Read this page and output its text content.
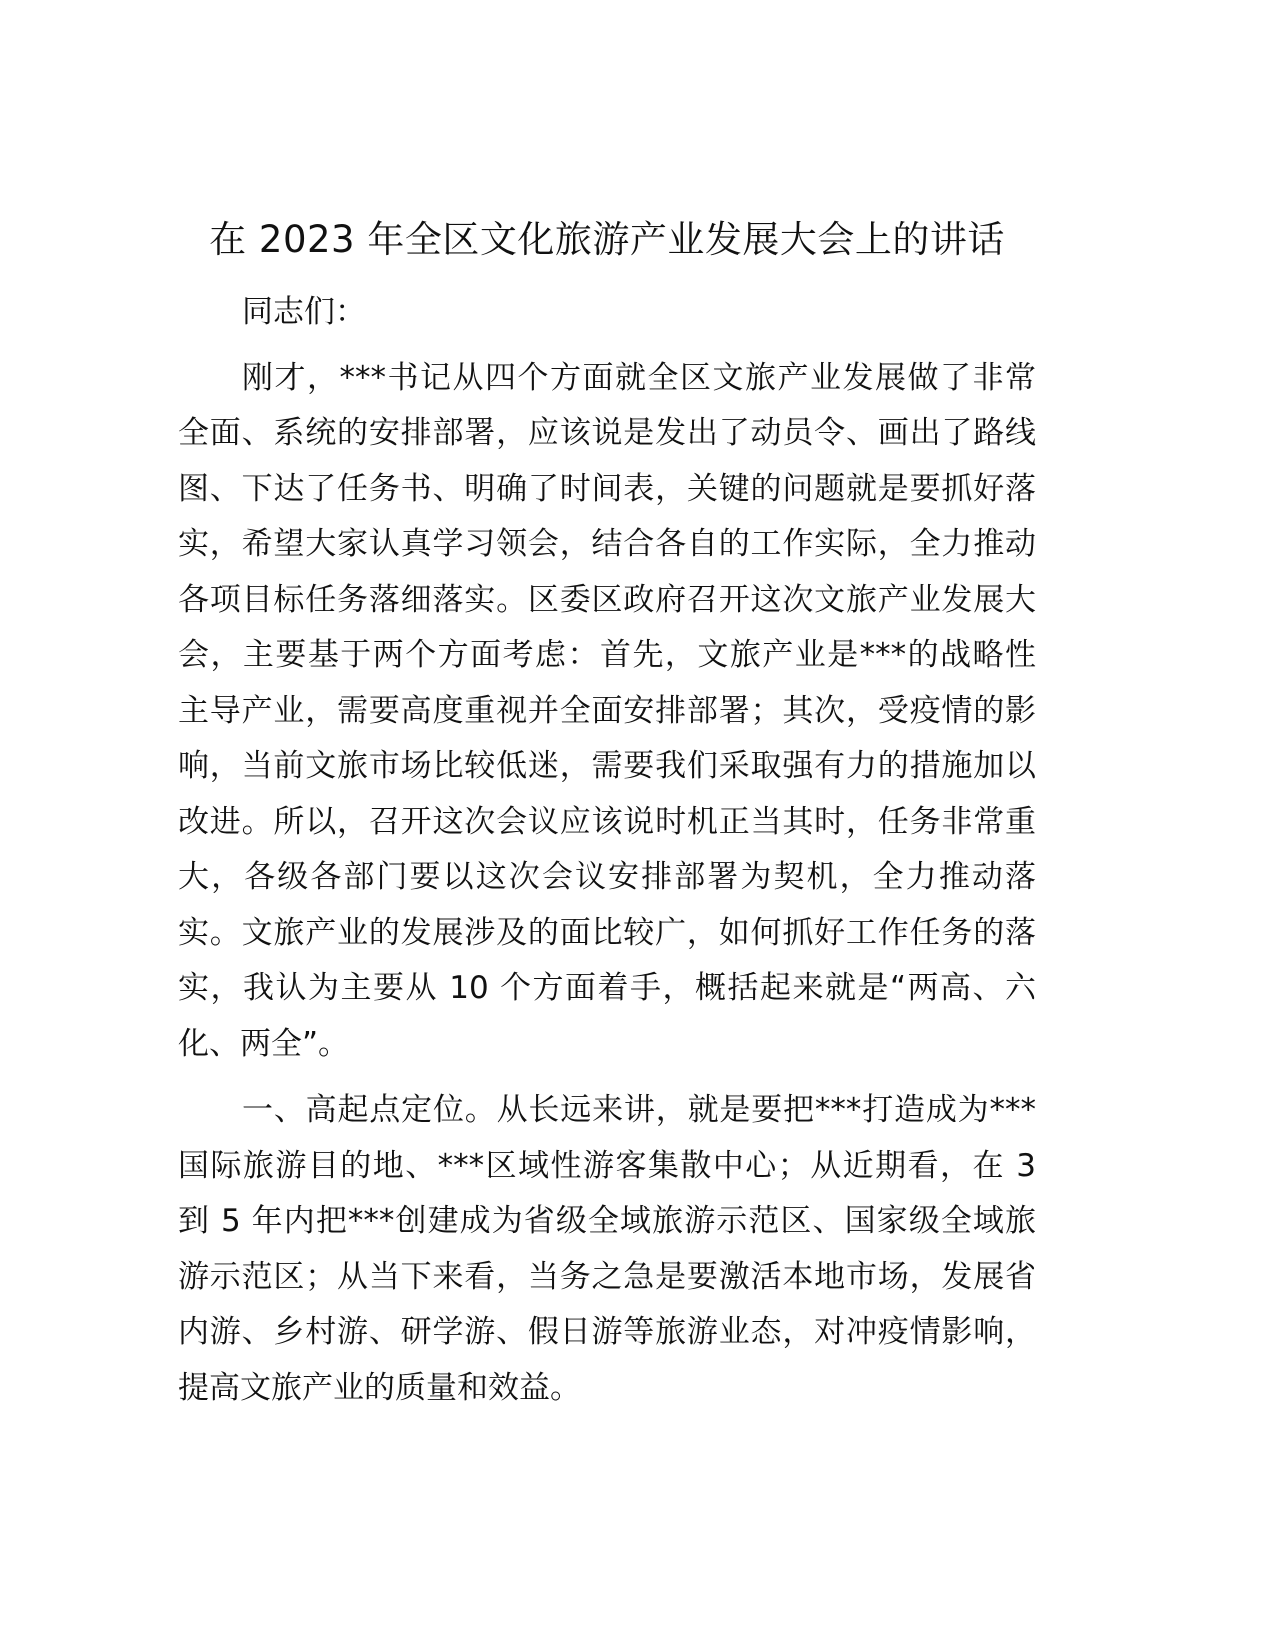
在 2023 年全区文化旅游产业发展大会上的讲话
同志们：
刚才，***书记从四个方面就全区文旅产业发展做了非常
全面、系统的安排部署，应该说是发出了动员令、画出了路线
图、下达了任务书、明确了时间表，关键的问题就是要抓好落
实，希望大家认真学习领会，结合各自的工作实际，全力推动
各项目标任务落细落实。区委区政府召开这次文旅产业发展大
会，主要基于两个方面考虑：首先，文旅产业是***的战略性
主导产业，需要高度重视并全面安排部署；其次，受疫情的影
响，当前文旅市场比较低迷，需要我们采取强有力的措施加以
改进。所以，召开这次会议应该说时机正当其时，任务非常重
大，各级各部门要以这次会议安排部署为契机，全力推动落
实。文旅产业的发展涉及的面比较广，如何抓好工作任务的落
实，我认为主要从 10 个方面着手，概括起来就是“两高、六
化、两全”。
一、高起点定位。从长远来讲，就是要把***打造成为***
国际旅游目的地、***区域性游客集散中心；从近期看，在 3
到 5 年内把***创建成为省级全域旅游示范区、国家级全域旅
游示范区；从当下来看，当务之急是要激活本地市场，发展省
内游、乡村游、研学游、假日游等旅游业态，对冲疫情影响，
提高文旅产业的质量和效益。
